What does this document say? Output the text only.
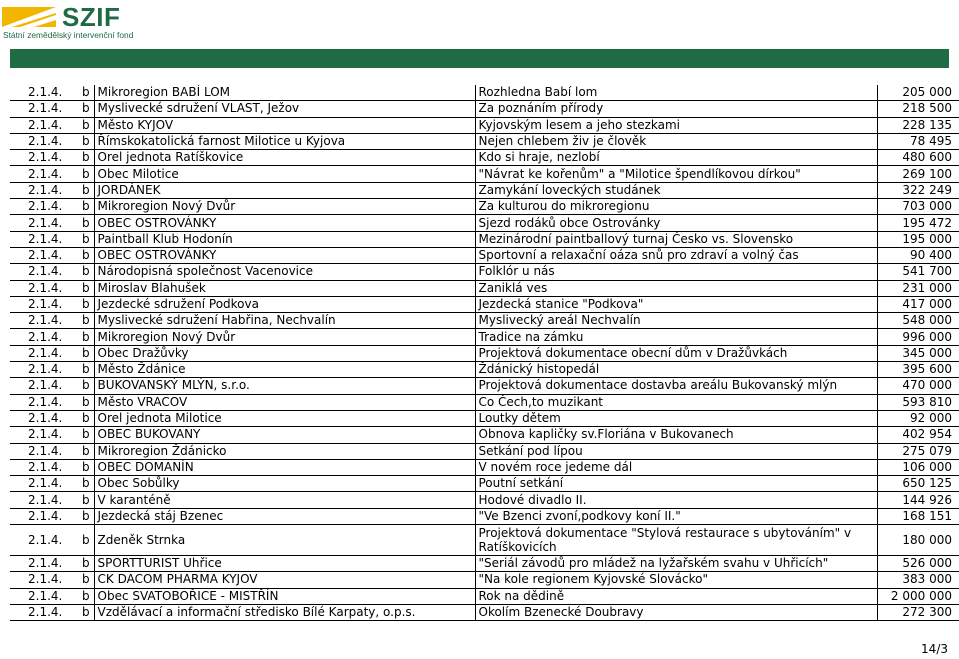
SZIF
Státní zemědělský intervenční fond
2.1.4.	b	Mikroregion BABÍ LOM	Rozhledna Babí lom	205 000
2.1.4.	b	Myslivecké sdružení VLAST, Ježov	Za poznáním přírody	218 500
2.1.4.	b	Město KYJOV	Kyjovským lesem a jeho stezkami	228 135
2.1.4.	b	Římskokatolická farnost Milotice u Kyjova	Nejen chlebem živ je člověk	78 495
2.1.4.	b	Orel jednota Ratíškovice	Kdo si hraje, nezlobí	480 600
2.1.4.	b	Obec Milotice	"Návrat ke kořenům" a "Milotice špendlíkovou dírkou"	269 100
2.1.4.	b	JORDÁNEK	Zamykání loveckých studánek	322 249
2.1.4.	b	Mikroregion Nový Dvůr	Za kulturou do mikroregionu	703 000
2.1.4.	b	OBEC OSTROVÁNKY	Sjezd rodáků obce Ostrovánky	195 472
2.1.4.	b	Paintball Klub Hodonín	Mezinárodní paintballový turnaj Česko vs. Slovensko	195 000
2.1.4.	b	OBEC OSTROVÁNKY	Sportovní a relaxační oáza snů pro zdraví a volný čas	90 400
2.1.4.	b	Národopisná společnost Vacenovice	Folklór u nás	541 700
2.1.4.	b	Miroslav Blahušek	Zaniklá ves	231 000
2.1.4.	b	Jezdecké sdružení Podkova	Jezdecká stanice "Podkova"	417 000
2.1.4.	b	Myslivecké sdružení Habřina, Nechvalín	Myslivecký areál Nechvalín	548 000
2.1.4.	b	Mikroregion Nový Dvůr	Tradice na zámku	996 000
2.1.4.	b	Obec Dražůvky	Projektová dokumentace obecní dům v Dražůvkách	345 000
2.1.4.	b	Město Ždánice	Ždánický histopedál	395 600
2.1.4.	b	BUKOVANSKÝ MLÝN, s.r.o.	Projektová dokumentace dostavba areálu Bukovanský mlýn	470 000
2.1.4.	b	Město VRACOV	Co Čech,to muzikant	593 810
2.1.4.	b	Orel jednota Milotice	Loutky dětem	92 000
2.1.4.	b	OBEC BUKOVANY	Obnova kapličky sv.Floriána v Bukovanech	402 954
2.1.4.	b	Mikroregion Ždánicko	Setkání pod lípou	275 079
2.1.4.	b	OBEC DOMANÍN	V novém roce jedeme dál	106 000
2.1.4.	b	Obec Sobůlky	Poutní setkání	650 125
2.1.4.	b	V karanténě	Hodové divadlo II.	144 926
2.1.4.	b	Jezdecká stáj Bzenec	"Ve Bzenci zvoní,podkovy koní II."	168 151
2.1.4.	b	Zdeněk Strnka	Projektová dokumentace "Stylová restaurace s ubytováním" v Ratíškovicích	180 000
2.1.4.	b	SPORTTURIST Uhřice	"Seriál závodů pro mládež na lyžařském svahu v Uhřicích"	526 000
2.1.4.	b	CK DACOM PHARMA KYJOV	"Na kole regionem Kyjovské Slovácko"	383 000
2.1.4.	b	Obec SVATOBOŘICE - MISTŘÍN	Rok na dědině	2 000 000
2.1.4.	b	Vzdělávací a informační středisko Bílé Karpaty, o.p.s.	Okolím Bzenecké Doubravy	272 300
14/3
